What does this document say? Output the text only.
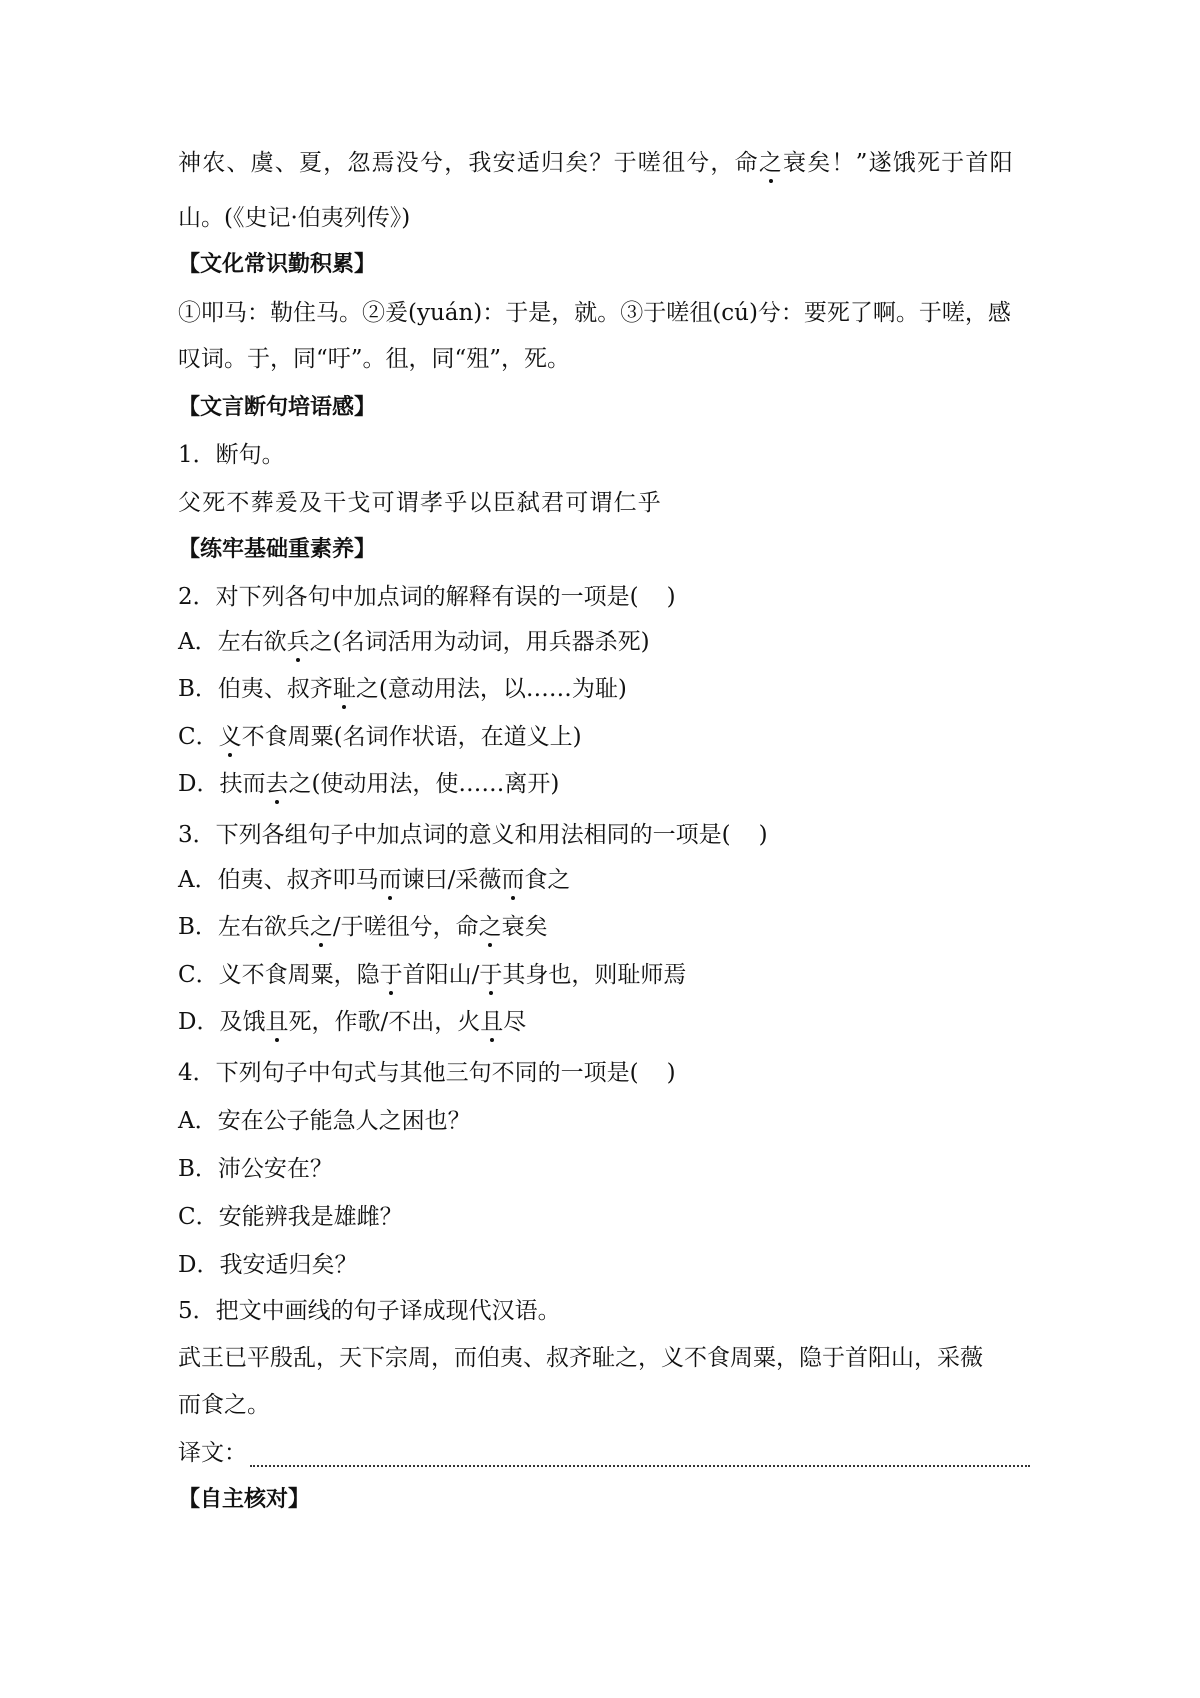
神农、虞、夏，忽焉没兮，我安适归矣？于嗟徂兮，命之衰矣！”遂饿死于首阳
山。(《史记·伯夷列传》)
【文化常识勤积累】
①叩马：勒住马。②爰(yuán)：于是，就。③于嗟徂(cú)兮：要死了啊。于嗟，感
叹词。于，同“吁”。徂，同“殂”，死。
【文言断句培语感】
1．断句。
父死不葬爰及干戈可谓孝乎以臣弑君可谓仁乎
【练牢基础重素养】
2．对下列各句中加点词的解释有误的一项是( )
A．左右欲兵之(名词活用为动词，用兵器杀死)
B．伯夷、叔齐耻之(意动用法，以……为耻)
C．义不食周粟(名词作状语，在道义上)
D．扶而去之(使动用法，使……离开)
3．下列各组句子中加点词的意义和用法相同的一项是( )
A．伯夷、叔齐叩马而谏曰/采薇而食之
B．左右欲兵之/于嗟徂兮，命之衰矣
C．义不食周粟，隐于首阳山/于其身也，则耻师焉
D．及饿且死，作歌/不出，火且尽
4．下列句子中句式与其他三句不同的一项是( )
A．安在公子能急人之困也？
B．沛公安在？
C．安能辨我是雄雌？
D．我安适归矣？
5．把文中画线的句子译成现代汉语。
武王已平殷乱，天下宗周，而伯夷、叔齐耻之，义不食周粟，隐于首阳山，采薇
而食之。
译文：
【自主核对】
